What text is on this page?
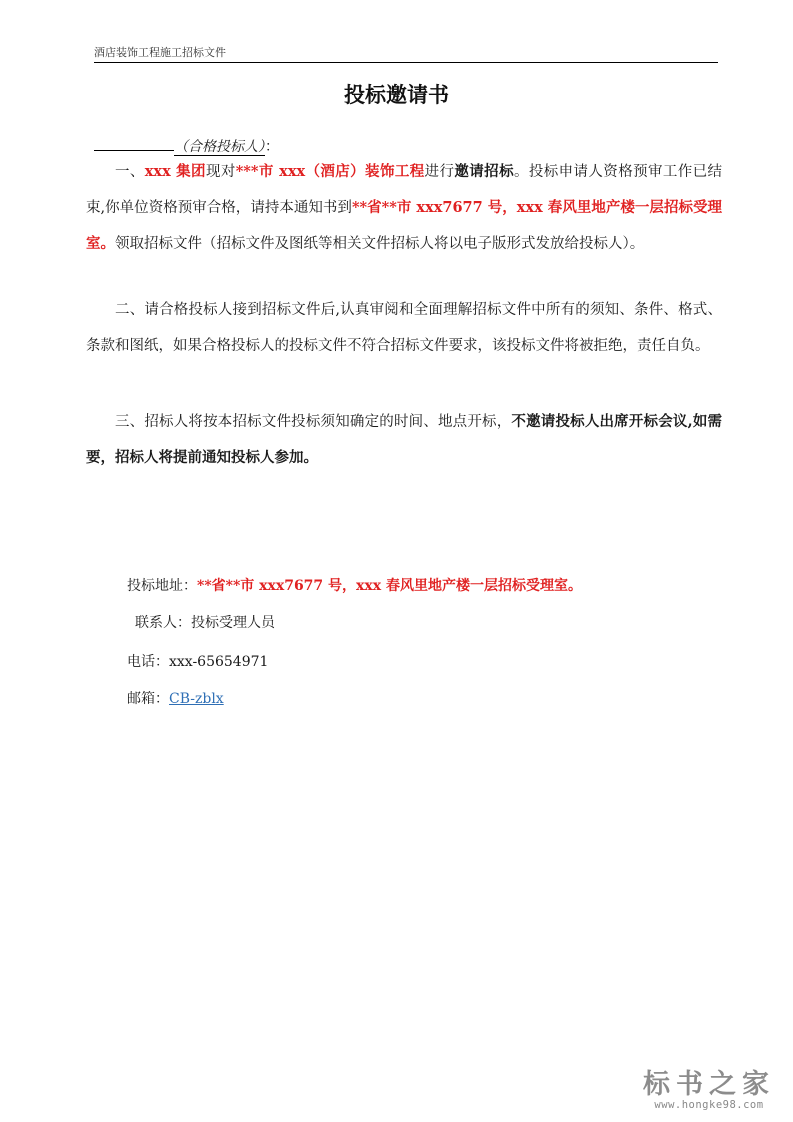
酒店装饰工程施工招标文件
投标邀请书
（合格投标人）：
一、xxx 集团现对***市 xxx（酒店）装饰工程进行邀请招标。投标申请人资格预审工作已结束,你单位资格预审合格，请持本通知书到**省**市 xxx7677 号，xxx 春风里地产楼一层招标受理室。领取招标文件（招标文件及图纸等相关文件招标人将以电子版形式发放给投标人）。
二、请合格投标人接到招标文件后,认真审阅和全面理解招标文件中所有的须知、条件、格式、条款和图纸，如果合格投标人的投标文件不符合招标文件要求，该投标文件将被拒绝，责任自负。
三、招标人将按本招标文件投标须知确定的时间、地点开标，不邀请投标人出席开标会议,如需要，招标人将提前通知投标人参加。
投标地址：**省**市 xxx7677 号，xxx 春风里地产楼一层招标受理室。
联系人：投标受理人员
电话：xxx-65654971
邮箱：CB-zblx
标书之家
www.hongke98.com
